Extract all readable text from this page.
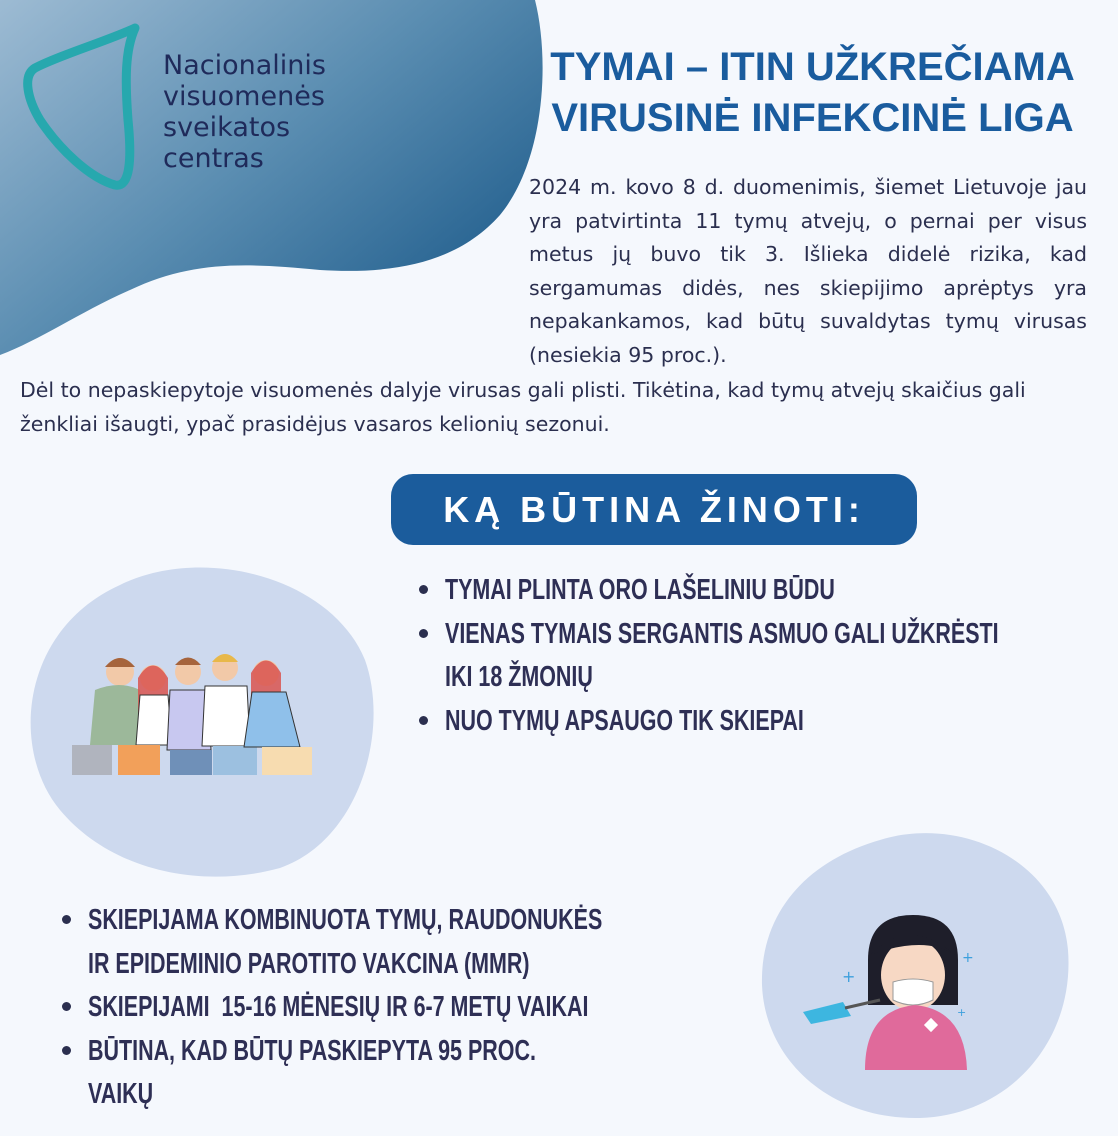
+
+
+
Nacionalinis
visuomenės
sveikatos
centras
TYMAI – ITIN UŽKREČIAMA
VIRUSINĖ INFEKCINĖ LIGA
2024 m. kovo 8 d. duomenimis, šiemet Lietuvoje jau yra patvirtinta 11 tymų atvejų, o pernai per visus metus jų buvo tik 3. Išlieka didelė rizika, kad sergamumas didės, nes skiepijimo aprėptys yra nepakankamos, kad būtų suvaldytas tymų virusas (nesiekia 95 proc.).
Dėl to nepaskiepytoje visuomenės dalyje virusas gali plisti. Tikėtina, kad tymų atvejų skaičius gali ženkliai išaugti, ypač prasidėjus vasaros kelionių sezonui.
KĄ BŪTINA ŽINOTI:
TYMAI PLINTA ORO LAŠELINIU BŪDU
VIENAS TYMAIS SERGANTIS ASMUO GALI UŽKRĖSTI
IKI 18 ŽMONIŲ
NUO TYMŲ APSAUGO TIK SKIEPAI
SKIEPIJAMA KOMBINUOTA TYMŲ, RAUDONUKĖS
IR EPIDEMINIO PAROTITO VAKCINA (MMR)
SKIEPIJAMI  15-16 MĖNESIŲ IR 6-7 METŲ VAIKAI
BŪTINA, KAD BŪTŲ PASKIEPYTA 95 PROC.
VAIKŲ
